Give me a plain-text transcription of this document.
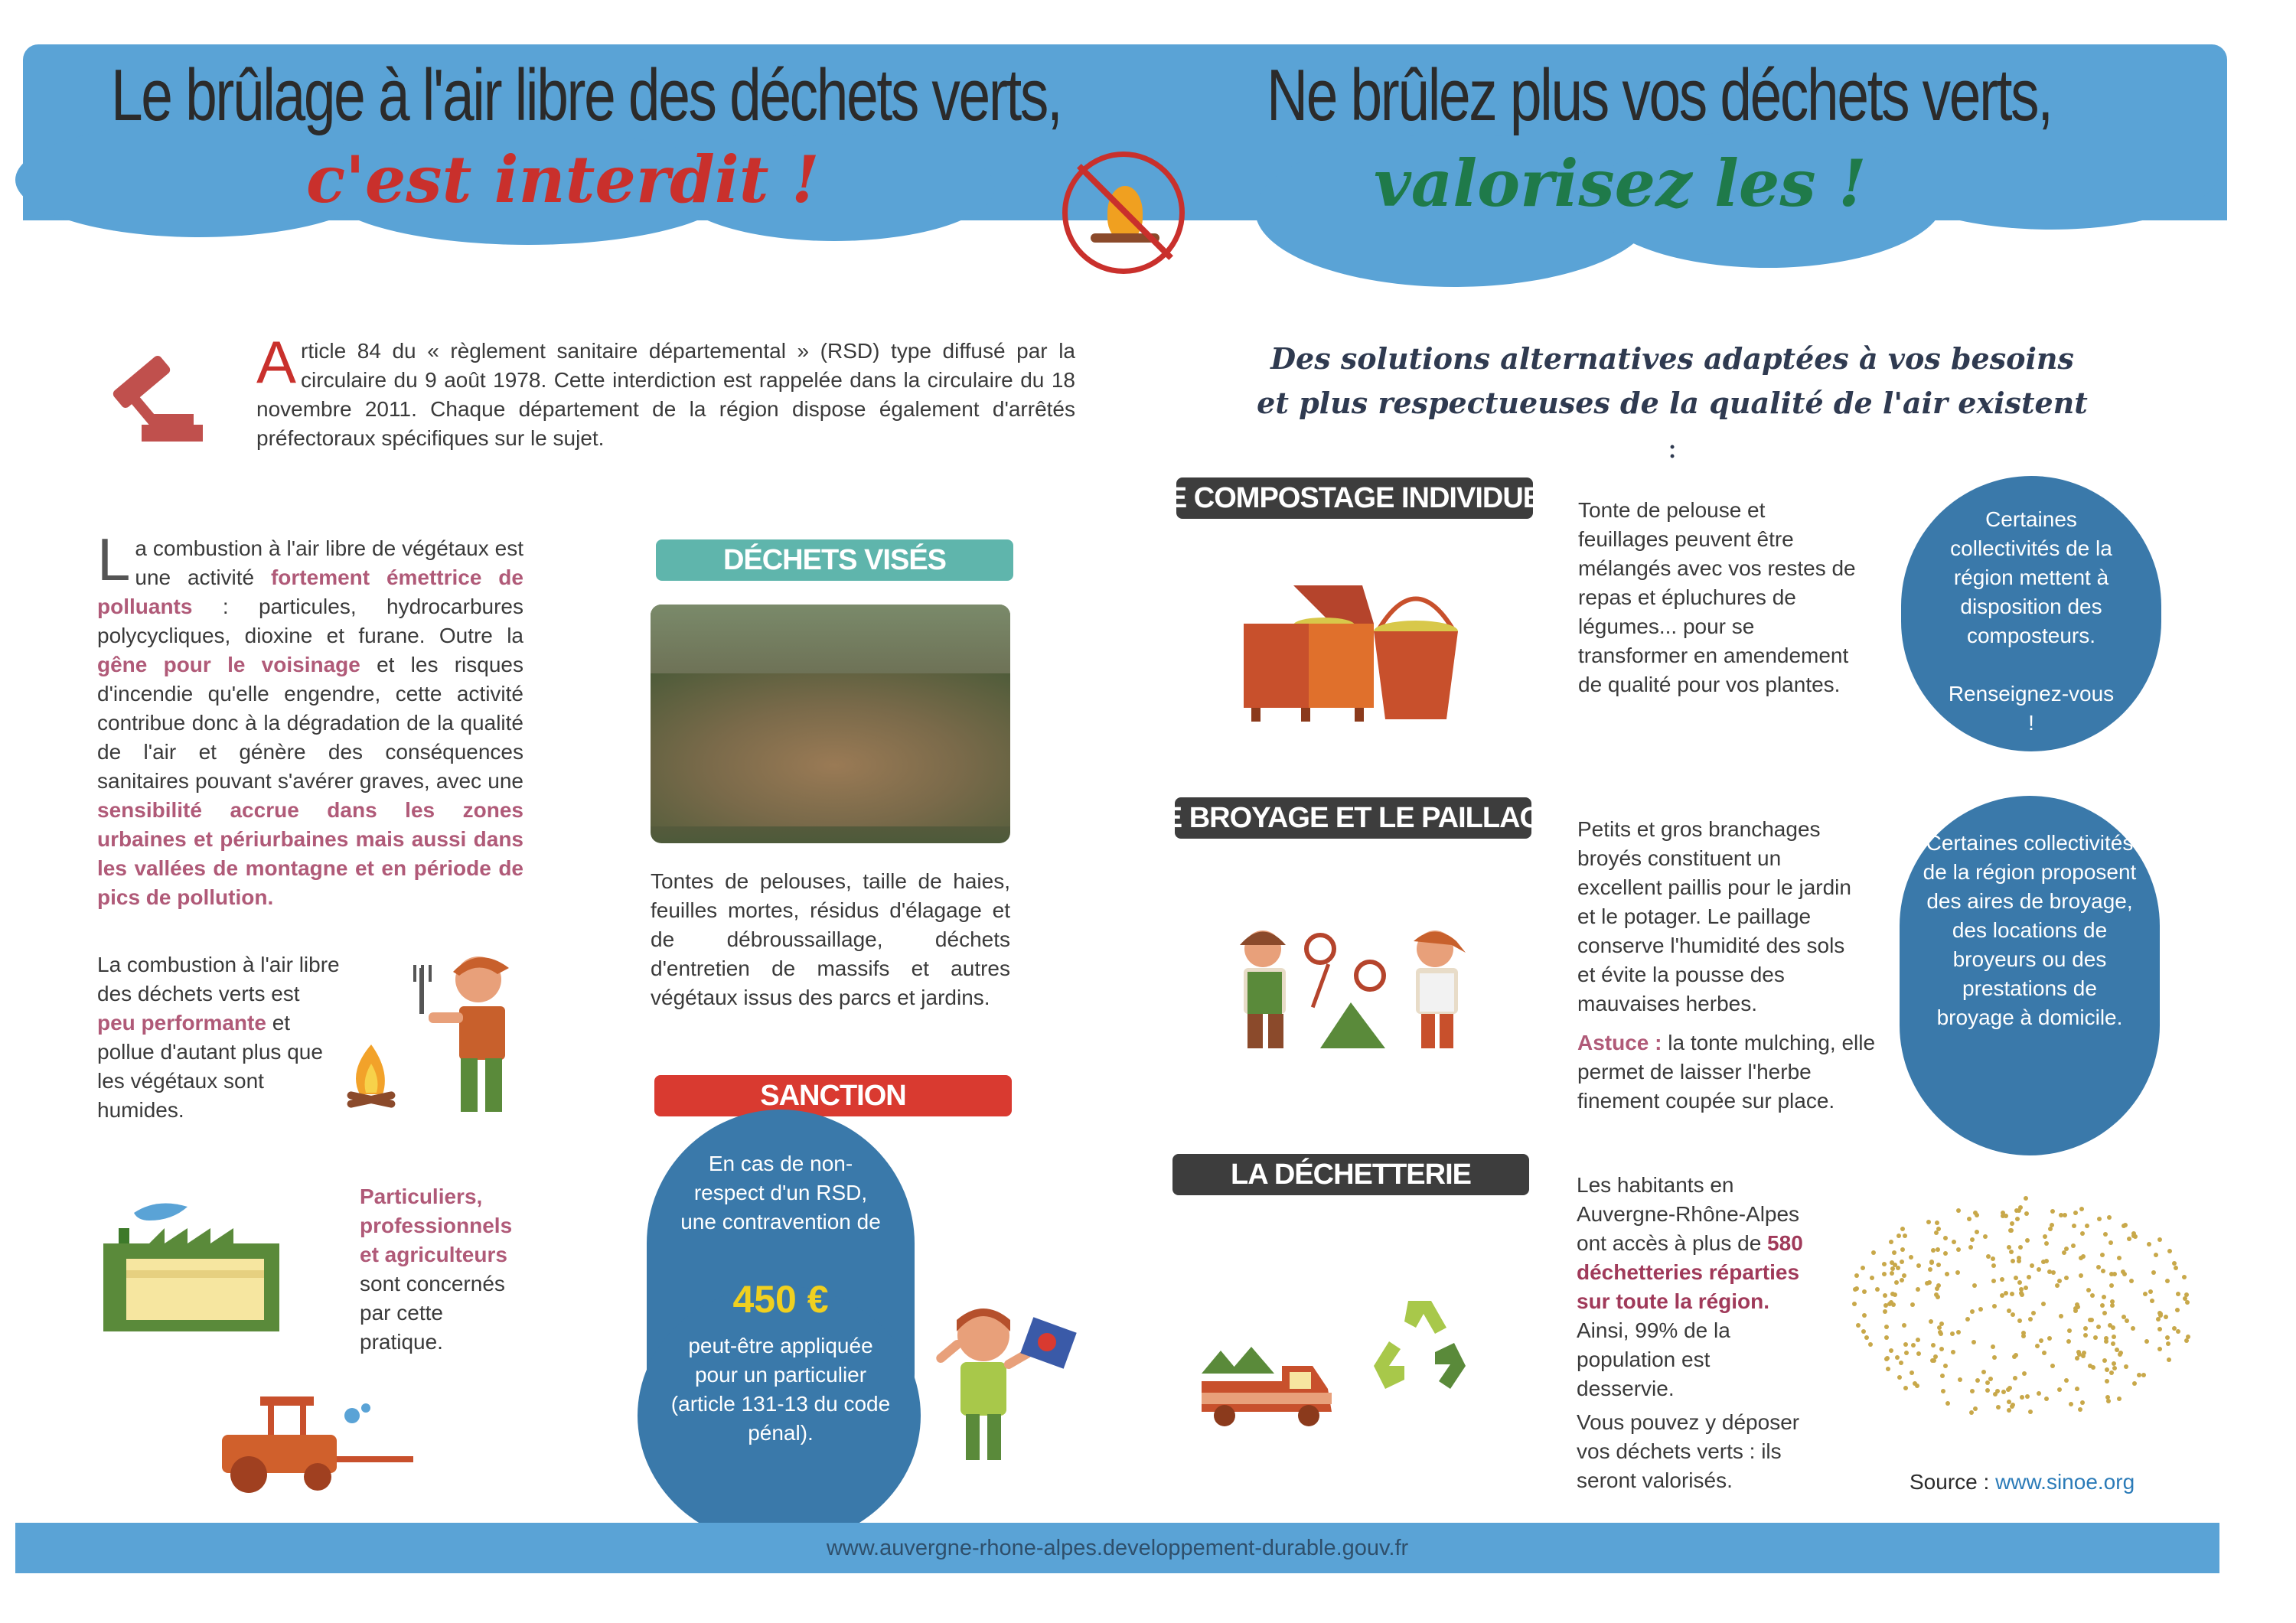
Le brûlage à l'air libre des déchets verts,
c'est interdit !
Ne brûlez plus vos déchets verts,
valorisez les !
Article 84 du « règlement sanitaire départemental » (RSD) type diffusé par la circulaire du 9 août 1978. Cette interdiction est rappelée dans la circulaire du 18 novembre 2011. Chaque département de la région dispose également d'arrêtés préfectoraux spécifiques sur le sujet.
La combustion à l'air libre de végétaux est une activité fortement émettrice de polluants : particules, hydrocarbures polycycliques, dioxine et furane. Outre la gêne pour le voisinage et les risques d'incendie qu'elle engendre, cette activité contribue donc à la dégradation de la qualité de l'air et génère des conséquences sanitaires pouvant s'avérer graves, avec une sensibilité accrue dans les zones urbaines et périurbaines mais aussi dans les vallées de montagne et en période de pics de pollution.
La combustion à l'air libre des déchets verts est peu performante et pollue d'autant plus que les végétaux sont humides.
Particuliers, professionnels et agriculteurs sont concernés par cette pratique.
DÉCHETS VISÉS
Tontes de pelouses, taille de haies, feuilles mortes, résidus d'élagage et de débroussaillage, déchets d'entretien de massifs et autres végétaux issus des parcs et jardins.
SANCTION
En cas de non-respect d'un RSD, une contravention de
450 €
peut-être appliquée pour un particulier (article 131-13 du code pénal).
Des solutions alternatives adaptées à vos besoins et plus respectueuses de la qualité de l'air existent :
LE COMPOSTAGE INDIVIDUEL Tonte de pelouse et feuillages peuvent être mélangés avec vos restes de repas et épluchures de légumes... pour se transformer en amendement de qualité pour vos plantes.
Certaines collectivités de la région mettent à disposition des composteurs.
Renseignez-vous !
LE BROYAGE ET LE PAILLAGE Petits et gros branchages broyés constituent un excellent paillis pour le jardin et le potager. Le paillage conserve l'humidité des sols et évite la pousse des mauvaises herbes.
Astuce : la tonte mulching, elle permet de laisser l'herbe finement coupée sur place.
Certaines collectivités de la région proposent des aires de broyage, des locations de broyeurs ou des prestations de broyage à domicile.
LA DÉCHETTERIE	Les habitants en Auvergne-Rhône-Alpes ont accès à plus de 580 déchetteries réparties sur toute la région. Ainsi, 99% de la population est desservie.
Vous pouvez y déposer vos déchets verts : ils seront valorisés.	Source : www.sinoe.org
www.auvergne-rhone-alpes.developpement-durable.gouv.fr
